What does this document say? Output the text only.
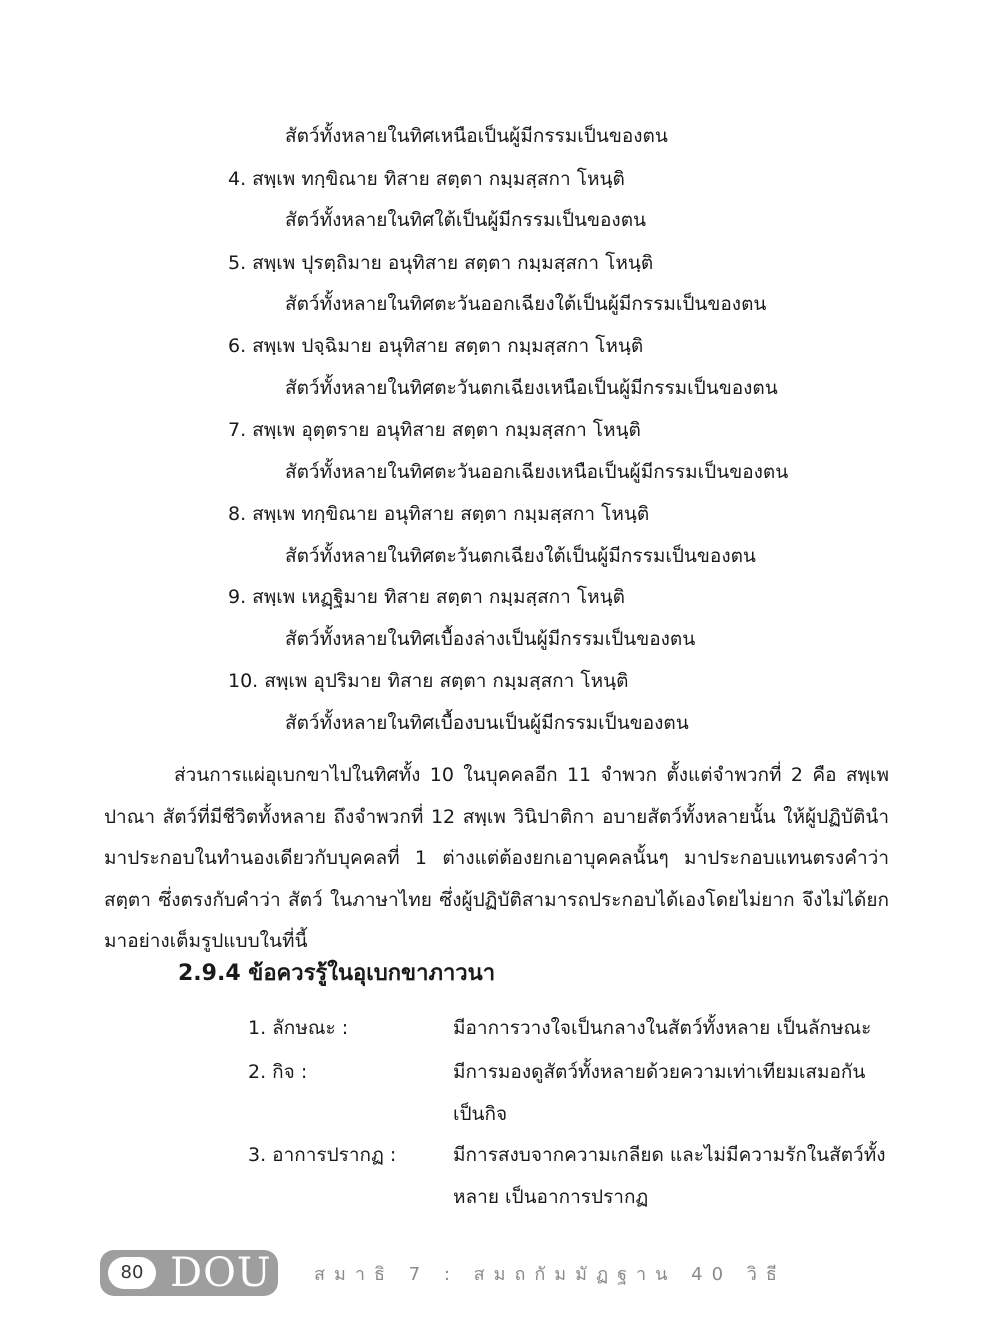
สัตว์ทั้งหลายในทิศเหนือเป็นผู้มีกรรมเป็นของตน
4. สพฺเพ ทกฺขิณาย ทิสาย สตฺตา กมฺมสฺสกา โหนฺติ
สัตว์ทั้งหลายในทิศใต้เป็นผู้มีกรรมเป็นของตน
5. สพฺเพ ปุรตฺถิมาย อนุทิสาย สตฺตา กมฺมสฺสกา โหนฺติ
สัตว์ทั้งหลายในทิศตะวันออกเฉียงใต้เป็นผู้มีกรรมเป็นของตน
6. สพฺเพ ปจฺฉิมาย อนุทิสาย สตฺตา กมฺมสฺสกา โหนฺติ
สัตว์ทั้งหลายในทิศตะวันตกเฉียงเหนือเป็นผู้มีกรรมเป็นของตน
7. สพฺเพ อุตฺตราย อนุทิสาย สตฺตา กมฺมสฺสกา โหนฺติ
สัตว์ทั้งหลายในทิศตะวันออกเฉียงเหนือเป็นผู้มีกรรมเป็นของตน
8. สพฺเพ ทกฺขิณาย อนุทิสาย สตฺตา กมฺมสฺสกา โหนฺติ
สัตว์ทั้งหลายในทิศตะวันตกเฉียงใต้เป็นผู้มีกรรมเป็นของตน
9. สพฺเพ เหฏฺฐิมาย ทิสาย สตฺตา กมฺมสฺสกา โหนฺติ
สัตว์ทั้งหลายในทิศเบื้องล่างเป็นผู้มีกรรมเป็นของตน
10. สพฺเพ อุปริมาย ทิสาย สตฺตา กมฺมสฺสกา โหนฺติ
สัตว์ทั้งหลายในทิศเบื้องบนเป็นผู้มีกรรมเป็นของตน
ส่วนการแผ่อุเบกขาไปในทิศทั้ง 10 ในบุคคลอีก 11 จำพวก ตั้งแต่จำพวกที่ 2 คือ สพฺเพ ปาณา สัตว์ที่มีชีวิตทั้งหลาย ถึงจำพวกที่ 12 สพฺเพ วินิปาติกา อบายสัตว์ทั้งหลายนั้น ให้ผู้ปฏิบัตินำมาประกอบในทำนองเดียวกับบุคคลที่ 1 ต่างแต่ต้องยกเอาบุคคลนั้นๆ มาประกอบแทนตรงคำว่า สตฺตา ซึ่งตรงกับคำว่า สัตว์ ในภาษาไทย ซึ่งผู้ปฏิบัติสามารถประกอบได้เองโดยไม่ยาก จึงไม่ได้ยกมาอย่างเต็มรูปแบบในที่นี้
2.9.4 ข้อควรรู้ในอุเบกขาภาวนา
1. ลักษณะ :	มีอาการวางใจเป็นกลางในสัตว์ทั้งหลาย เป็นลักษณะ
2. กิจ :	มีการมองดูสัตว์ทั้งหลายด้วยความเท่าเทียมเสมอกัน เป็นกิจ
3. อาการปรากฏ :	มีการสงบจากความเกลียด และไม่มีความรักในสัตว์ทั้งหลาย เป็นอาการปรากฏ
80 DOU สมาธิ 7 : สมถกัมมัฏฐาน 40 วิธี
